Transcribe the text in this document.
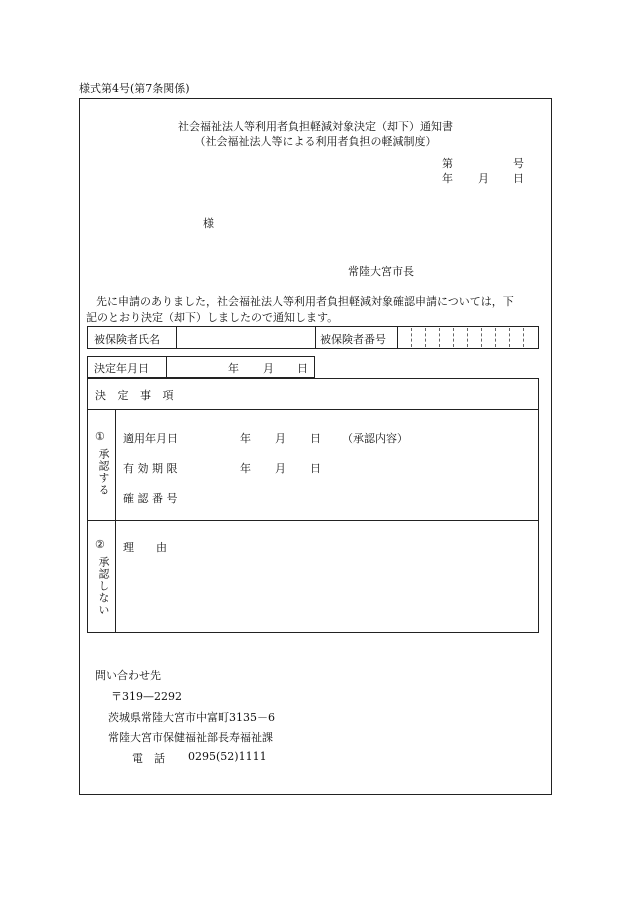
様式第4号(第7条関係)
社会福祉法人等利用者負担軽減対象決定（却下）通知書
（社会福祉法人等による利用者負担の軽減制度）
第	号
年 月 日
様
常陸大宮市長
先に申請のありました，社会福祉法人等利用者負担軽減対象確認申請については，下
記のとおり決定（却下）しましたので通知します。
被保険者氏名	被保険者番号
決定年月日	年 月 日
決 定 事 項
①
承認する
適用年月日	年 月 日 （承認内容）
有 効 期 限	年 月 日
確 認 番 号
②
承認しない
理　　由
問い合わせ先
〒319—2292
茨城県常陸大宮市中富町3135－6
常陸大宮市保健福祉部長寿福祉課
電　話 0295(52)1111
